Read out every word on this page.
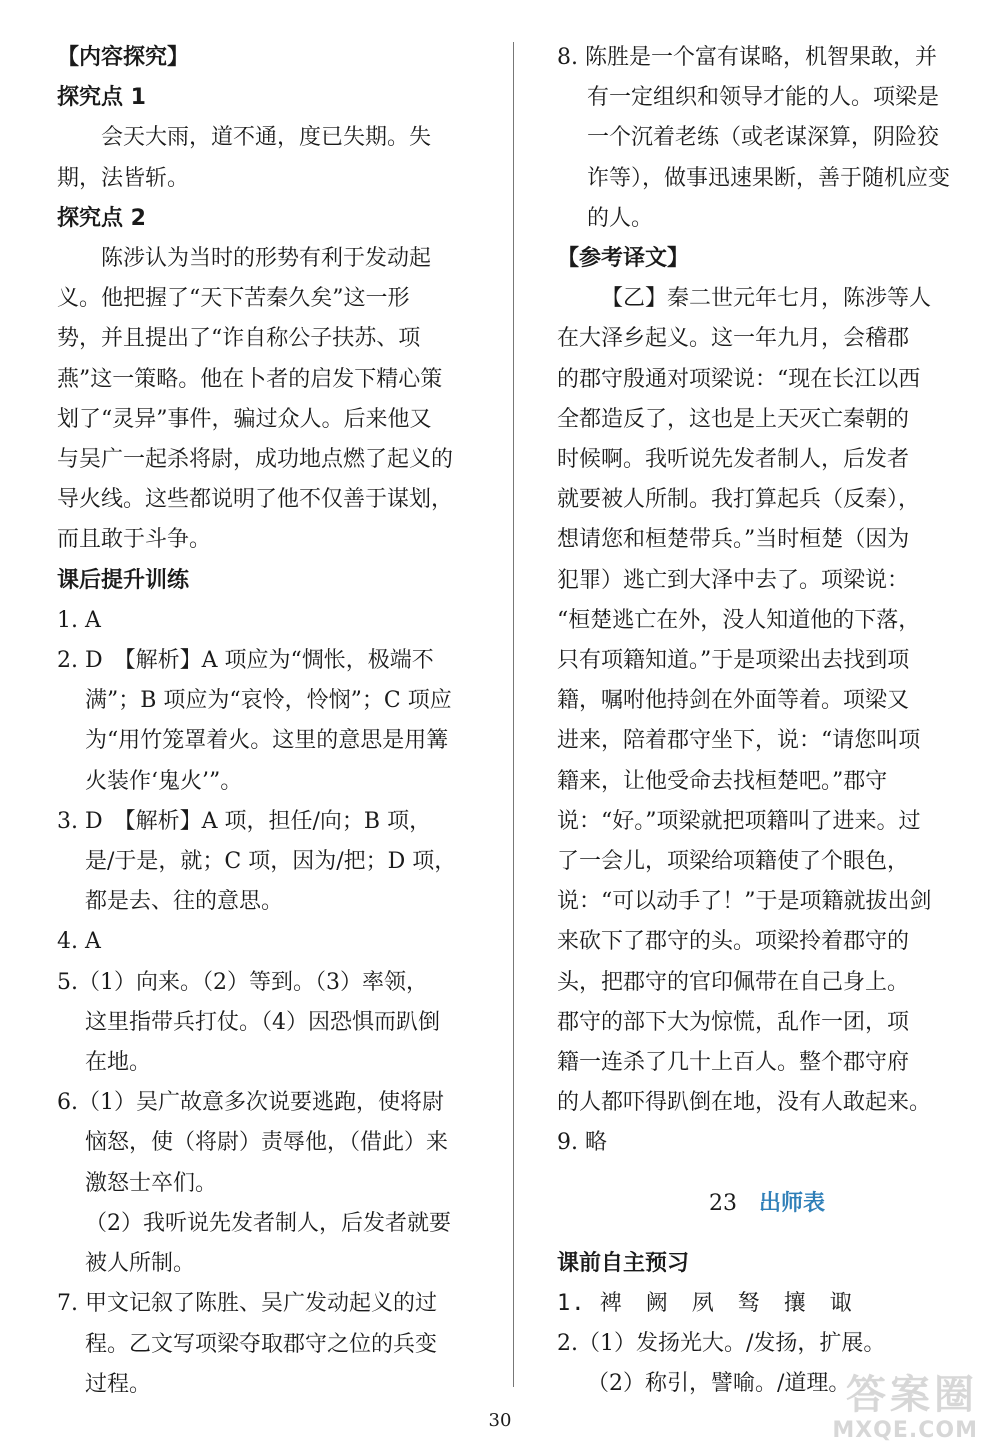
【内容探究】
探究点 1
会天大雨，道不通，度已失期。失
期，法皆斩。
探究点 2
陈涉认为当时的形势有利于发动起
义。他把握了“天下苦秦久矣”这一形
势，并且提出了“诈自称公子扶苏、项
燕”这一策略。他在卜者的启发下精心策
划了“灵异”事件，骗过众人。后来他又
与吴广一起杀将尉，成功地点燃了起义的
导火线。这些都说明了他不仅善于谋划，
而且敢于斗争。
课后提升训练
1. A
2. D　【解析】A 项应为“惆怅，极端不
满”；B 项应为“哀怜，怜悯”；C 项应
为“用竹笼罩着火。这里的意思是用篝
火装作‘鬼火’”。
3. D　【解析】A 项，担任/向；B 项，
是/于是，就；C 项，因为/把；D 项，
都是去、往的意思。
4. A
5.（1）向来。（2）等到。（3）率领，
这里指带兵打仗。（4）因恐惧而趴倒
在地。
6.（1）吴广故意多次说要逃跑，使将尉
恼怒，使（将尉）责辱他，（借此）来
激怒士卒们。
（2）我听说先发者制人，后发者就要
被人所制。
7. 甲文记叙了陈胜、吴广发动起义的过
程。乙文写项梁夺取郡守之位的兵变
过程。
8. 陈胜是一个富有谋略，机智果敢，并
有一定组织和领导才能的人。项梁是
一个沉着老练（或老谋深算，阴险狡
诈等），做事迅速果断，善于随机应变
的人。
【参考译文】
【乙】秦二世元年七月，陈涉等人
在大泽乡起义。这一年九月，会稽郡
的郡守殷通对项梁说：“现在长江以西
全都造反了，这也是上天灭亡秦朝的
时候啊。我听说先发者制人，后发者
就要被人所制。我打算起兵（反秦），
想请您和桓楚带兵。”当时桓楚（因为
犯罪）逃亡到大泽中去了。项梁说：
“桓楚逃亡在外，没人知道他的下落，
只有项籍知道。”于是项梁出去找到项
籍，嘱咐他持剑在外面等着。项梁又
进来，陪着郡守坐下，说：“请您叫项
籍来，让他受命去找桓楚吧。”郡守
说：“好。”项梁就把项籍叫了进来。过
了一会儿，项梁给项籍使了个眼色，
说：“可以动手了！”于是项籍就拔出剑
来砍下了郡守的头。项梁拎着郡守的
头，把郡守的官印佩带在自己身上。
郡守的部下大为惊慌，乱作一团，项
籍一连杀了几十上百人。整个郡守府
的人都吓得趴倒在地，没有人敢起来。
9. 略
23 出师表
课前自主预习
1. 裨　阙　夙　驽　攘　诹
2.（1）发扬光大。/发扬，扩展。
（2）称引，譬喻。/道理。
30
答案圈
MXQE.COM
